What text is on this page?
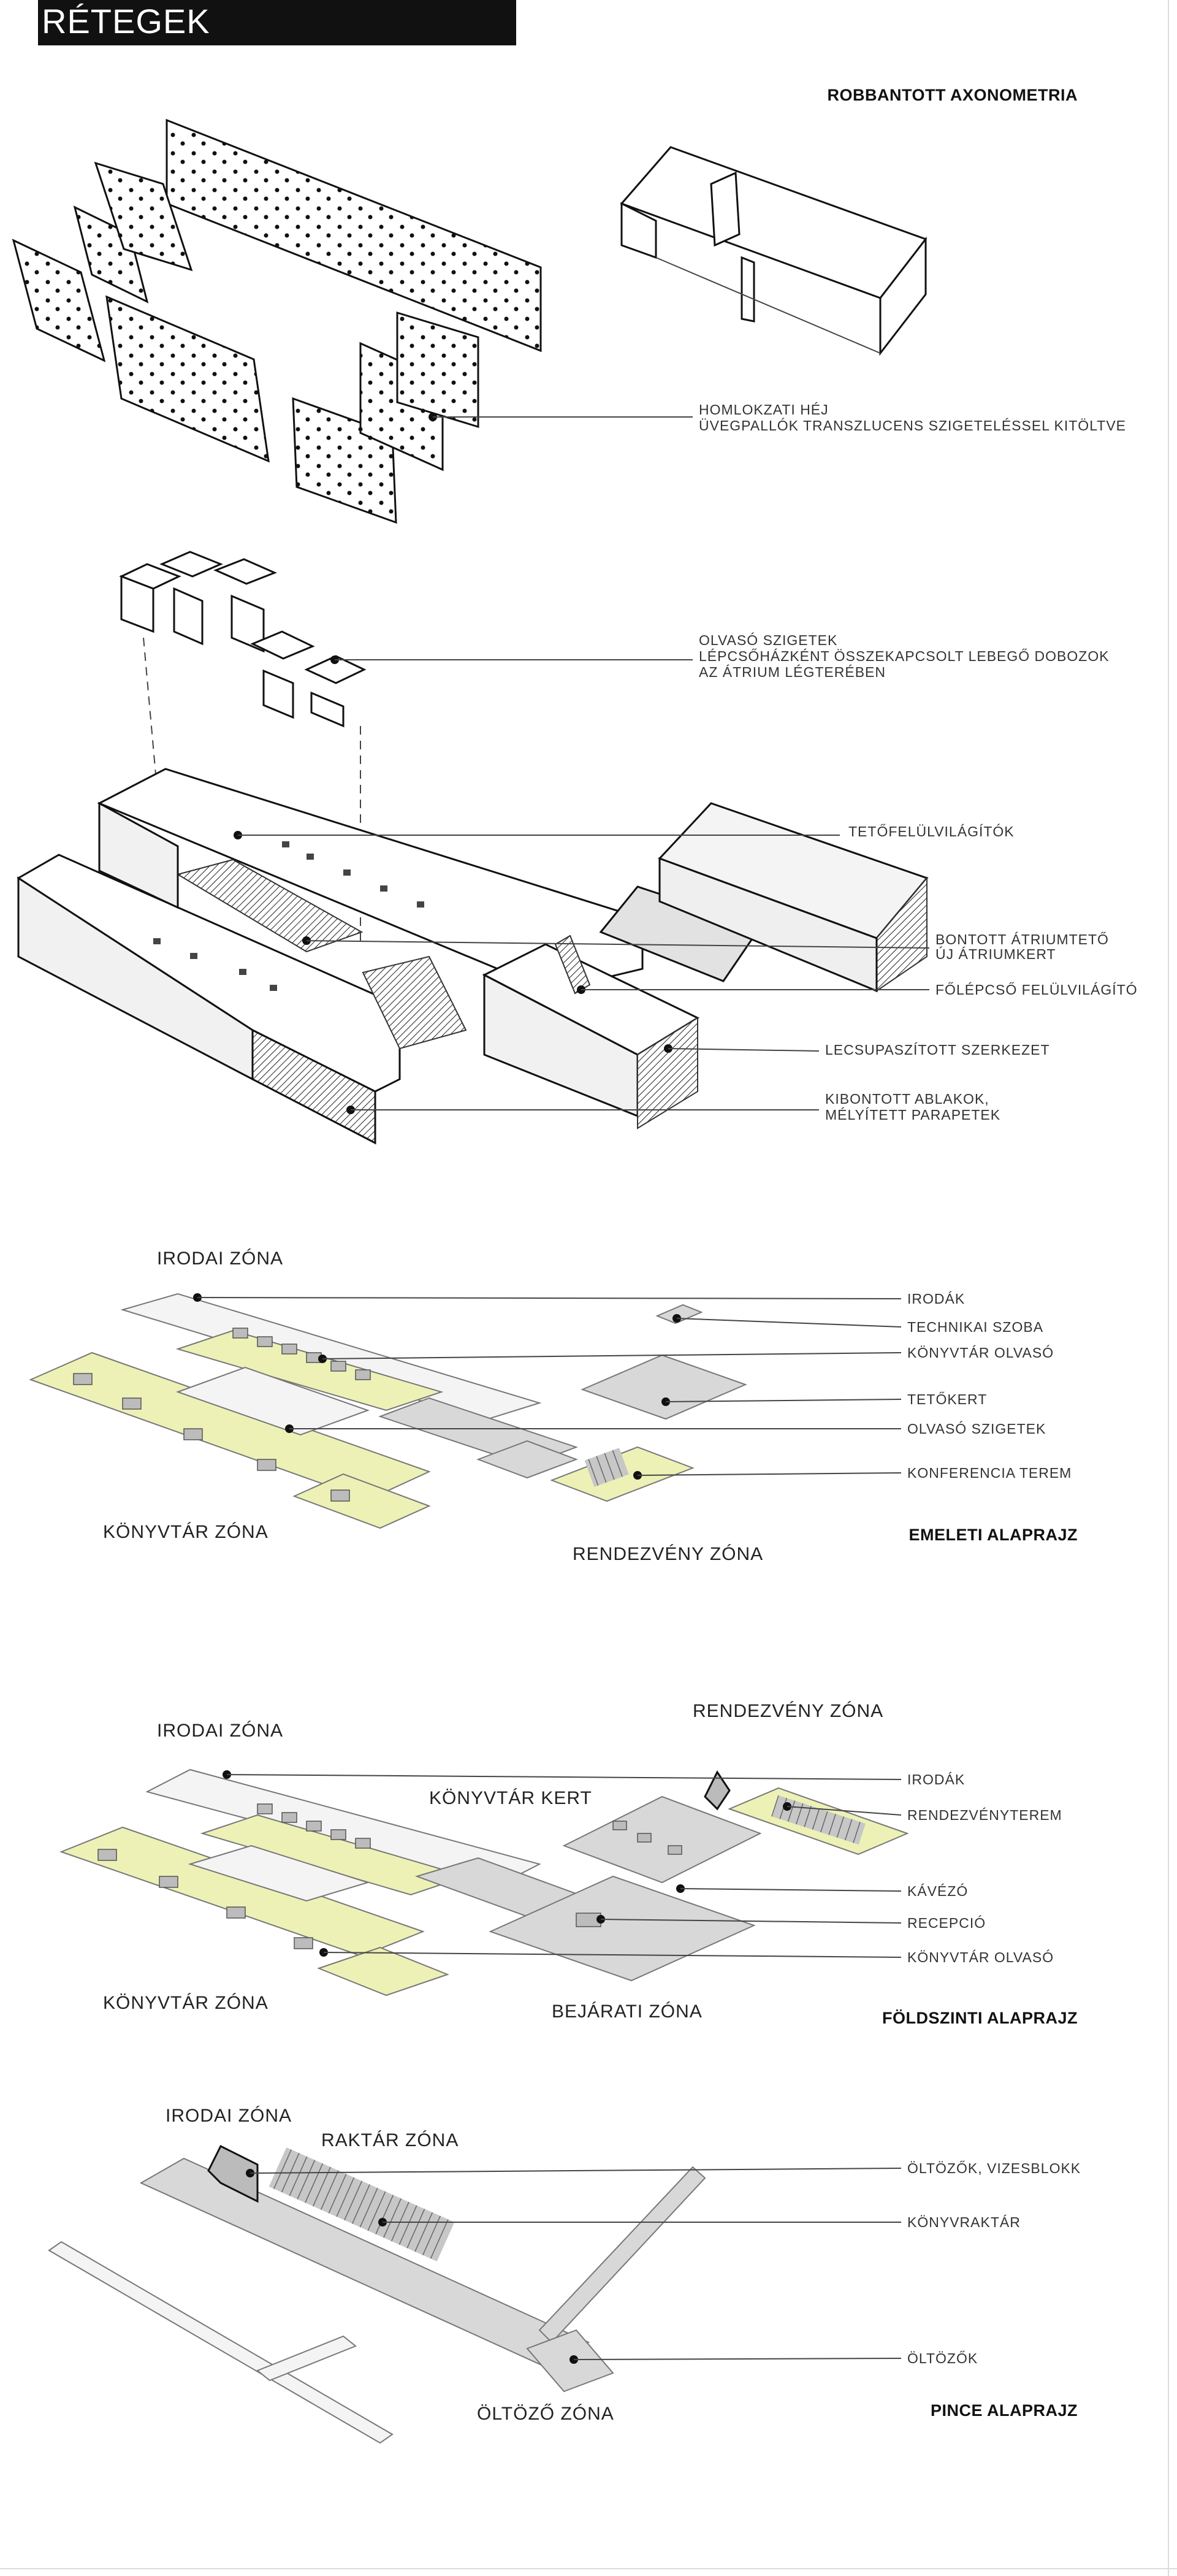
RÉTEGEK
ROBBANTOTT AXONOMETRIA
HOMLOKZATI HÉJ
ÜVEGPALLÓK TRANSZLUCENS SZIGETELÉSSEL KITÖLTVE
OLVASÓ SZIGETEK
LÉPCSŐHÁZKÉNT ÖSSZEKAPCSOLT LEBEGŐ DOBOZOK
AZ ÁTRIUM LÉGTERÉBEN
TETŐFELÜLVILÁGÍTÓK
BONTOTT ÁTRIUMTETŐ
ÚJ ÁTRIUMKERT
FŐLÉPCSŐ FELÜLVILÁGÍTÓ
LECSUPASZÍTOTT SZERKEZET
KIBONTOTT ABLAKOK,
MÉLYÍTETT PARAPETEK
IRODÁK
TECHNIKAI SZOBA
KÖNYVTÁR OLVASÓ
TETŐKERT
OLVASÓ SZIGETEK
KONFERENCIA TEREM
IRODAI ZÓNA
KÖNYVTÁR ZÓNA
RENDEZVÉNY ZÓNA
EMELETI ALAPRAJZ
IRODÁK
RENDEZVÉNYTEREM
KÁVÉZÓ
RECEPCIÓ
KÖNYVTÁR OLVASÓ
IRODAI ZÓNA
RENDEZVÉNY ZÓNA
KÖNYVTÁR KERT
KÖNYVTÁR ZÓNA	BEJÁRATI ZÓNA	FÖLDSZINTI ALAPRAJZ
ÖLTÖZŐK, VIZESBLOKK
KÖNYVRAKTÁR
ÖLTÖZŐK
IRODAI ZÓNA
RAKTÁR ZÓNA
ÖLTÖZŐ ZÓNA	PINCE ALAPRAJZ
